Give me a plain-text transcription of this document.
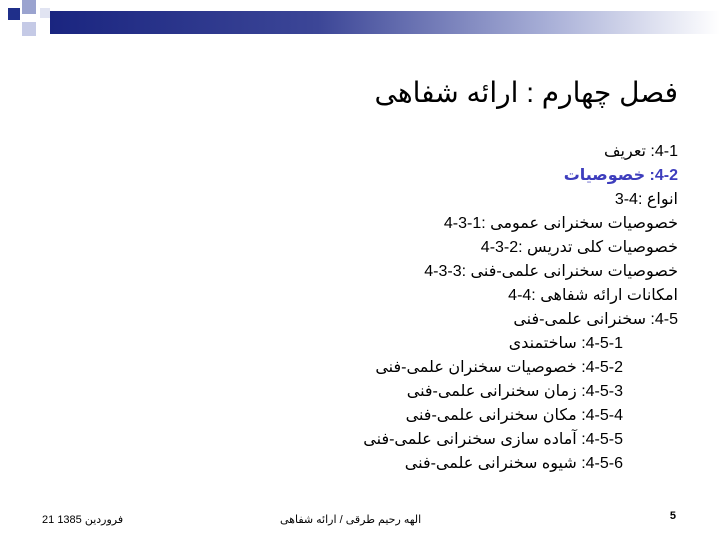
فصل چهارم : ارائه شفاهی
4-1: تعریف
4-2: خصوصیات
انواع :4-3
خصوصیات سخنرانی عمومی :1-3-4
خصوصیات کلی تدریس :2-3-4
خصوصیات سخنرانی علمی-فنی :3-3-4
امکانات ارائه شفاهی :4-4
4-5: سخنرانی علمی-فنی
4-5-1: ساختمندی
4-5-2: خصوصیات سخنران علمی-فنی
4-5-3: زمان سخنرانی علمی-فنی
4-5-4: مکان سخنرانی علمی-فنی
4-5-5: آماده سازی سخنرانی علمی-فنی
4-5-6: شیوه سخنرانی علمی-فنی
فروردین 1385 21	الهه رحیم طرقی / ارائه شفاهی	5
